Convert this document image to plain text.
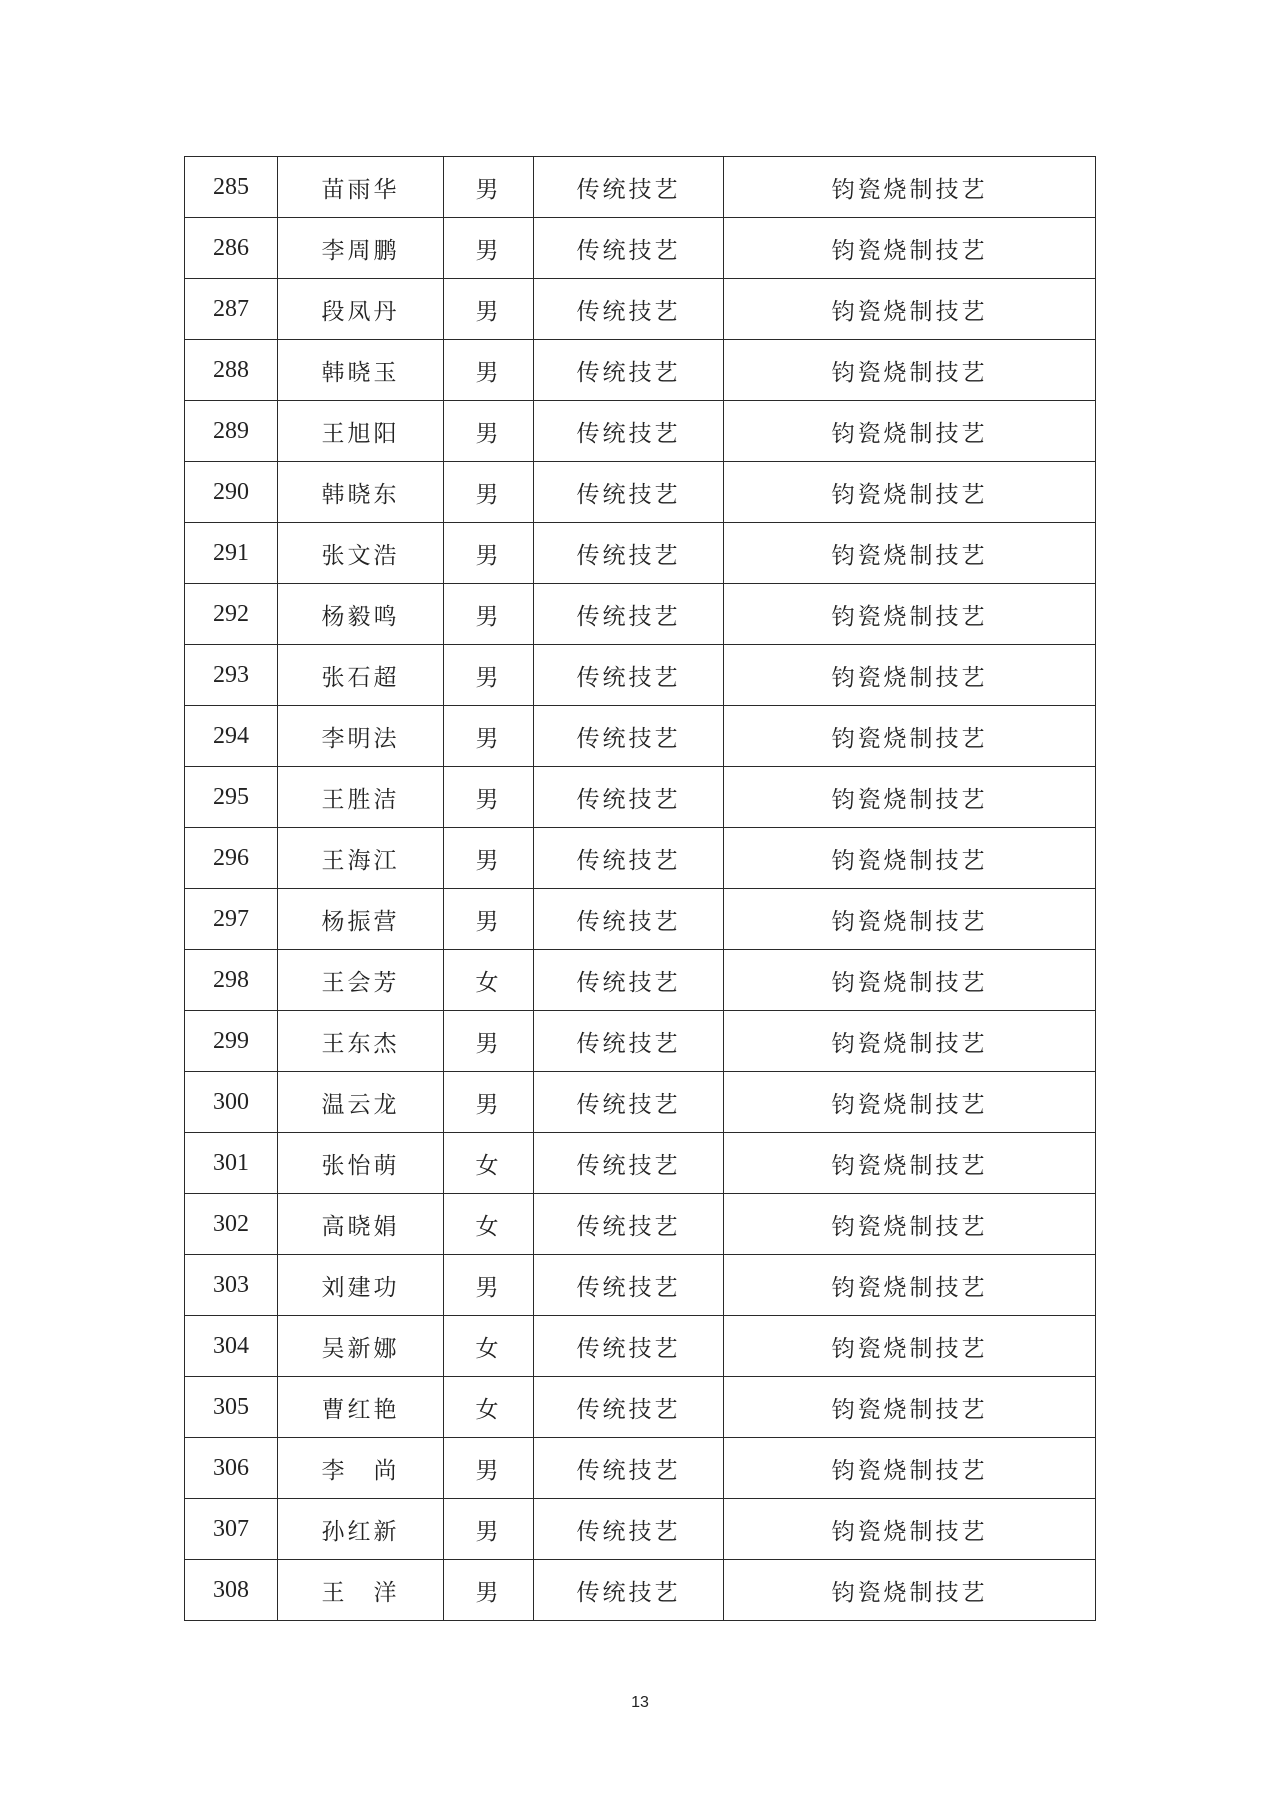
285	苗雨华	男	传统技艺	钧瓷烧制技艺
286	李周鹏	男	传统技艺	钧瓷烧制技艺
287	段凤丹	男	传统技艺	钧瓷烧制技艺
288	韩晓玉	男	传统技艺	钧瓷烧制技艺
289	王旭阳	男	传统技艺	钧瓷烧制技艺
290	韩晓东	男	传统技艺	钧瓷烧制技艺
291	张文浩	男	传统技艺	钧瓷烧制技艺
292	杨毅鸣	男	传统技艺	钧瓷烧制技艺
293	张石超	男	传统技艺	钧瓷烧制技艺
294	李明法	男	传统技艺	钧瓷烧制技艺
295	王胜洁	男	传统技艺	钧瓷烧制技艺
296	王海江	男	传统技艺	钧瓷烧制技艺
297	杨振营	男	传统技艺	钧瓷烧制技艺
298	王会芳	女	传统技艺	钧瓷烧制技艺
299	王东杰	男	传统技艺	钧瓷烧制技艺
300	温云龙	男	传统技艺	钧瓷烧制技艺
301	张怡萌	女	传统技艺	钧瓷烧制技艺
302	高晓娟	女	传统技艺	钧瓷烧制技艺
303	刘建功	男	传统技艺	钧瓷烧制技艺
304	吴新娜	女	传统技艺	钧瓷烧制技艺
305	曹红艳	女	传统技艺	钧瓷烧制技艺
306	李　尚	男	传统技艺	钧瓷烧制技艺
307	孙红新	男	传统技艺	钧瓷烧制技艺
308	王　洋	男	传统技艺	钧瓷烧制技艺
13
